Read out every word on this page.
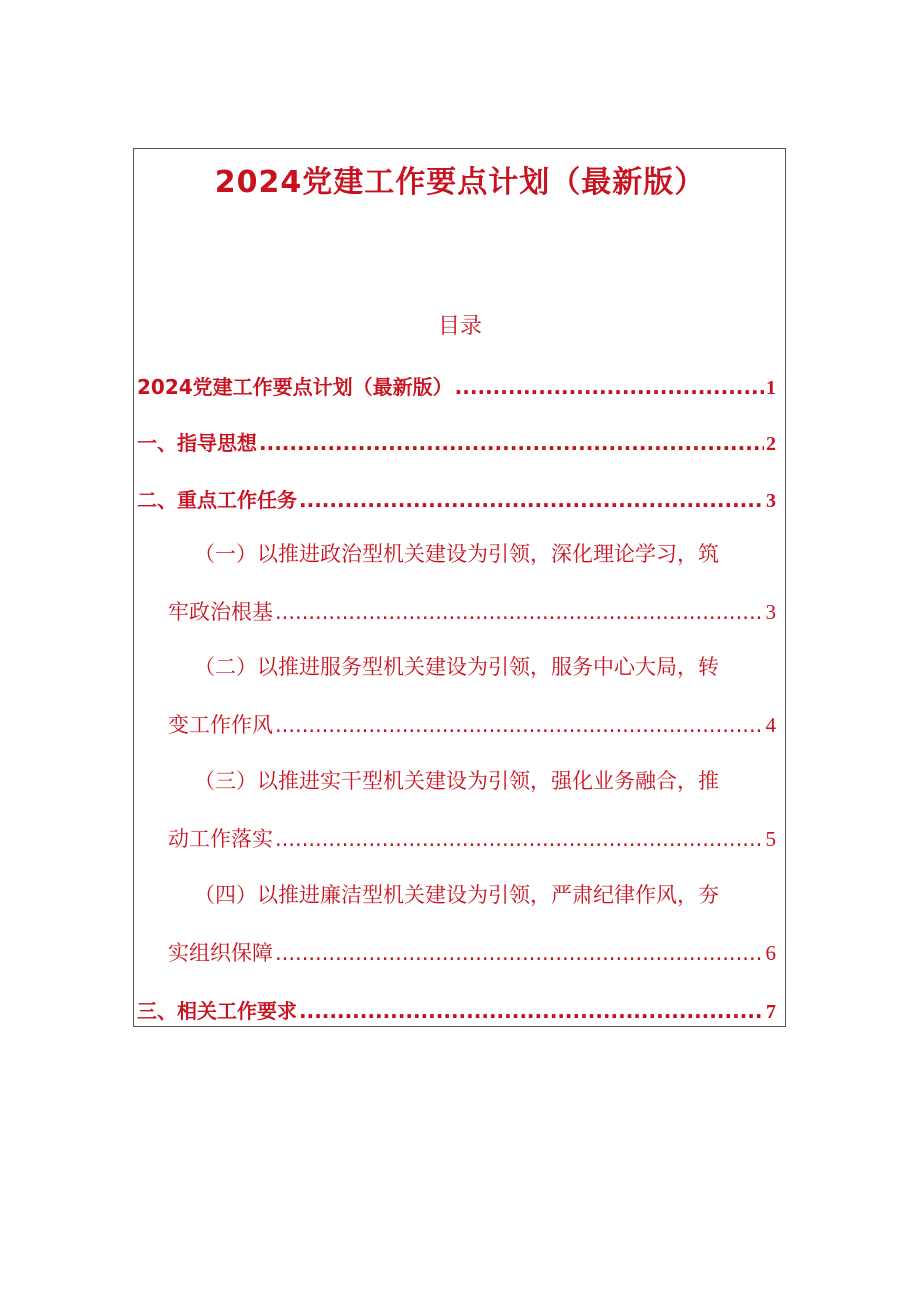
2024党建工作要点计划（最新版）
目录
2024党建工作要点计划（最新版） .....	1
一、指导思想 .....	2
二、重点工作任务 .....	3

（一）以推进政治型机关建设为引领，深化理论学习，筑

牢政治根基 .....	3

（二）以推进服务型机关建设为引领，服务中心大局，转

变工作作风 .....	4

（三）以推进实干型机关建设为引领，强化业务融合，推

动工作落实 .....	5

（四）以推进廉洁型机关建设为引领，严肃纪律作风，夯

实组织保障 .....	6
三、相关工作要求 .....	7
